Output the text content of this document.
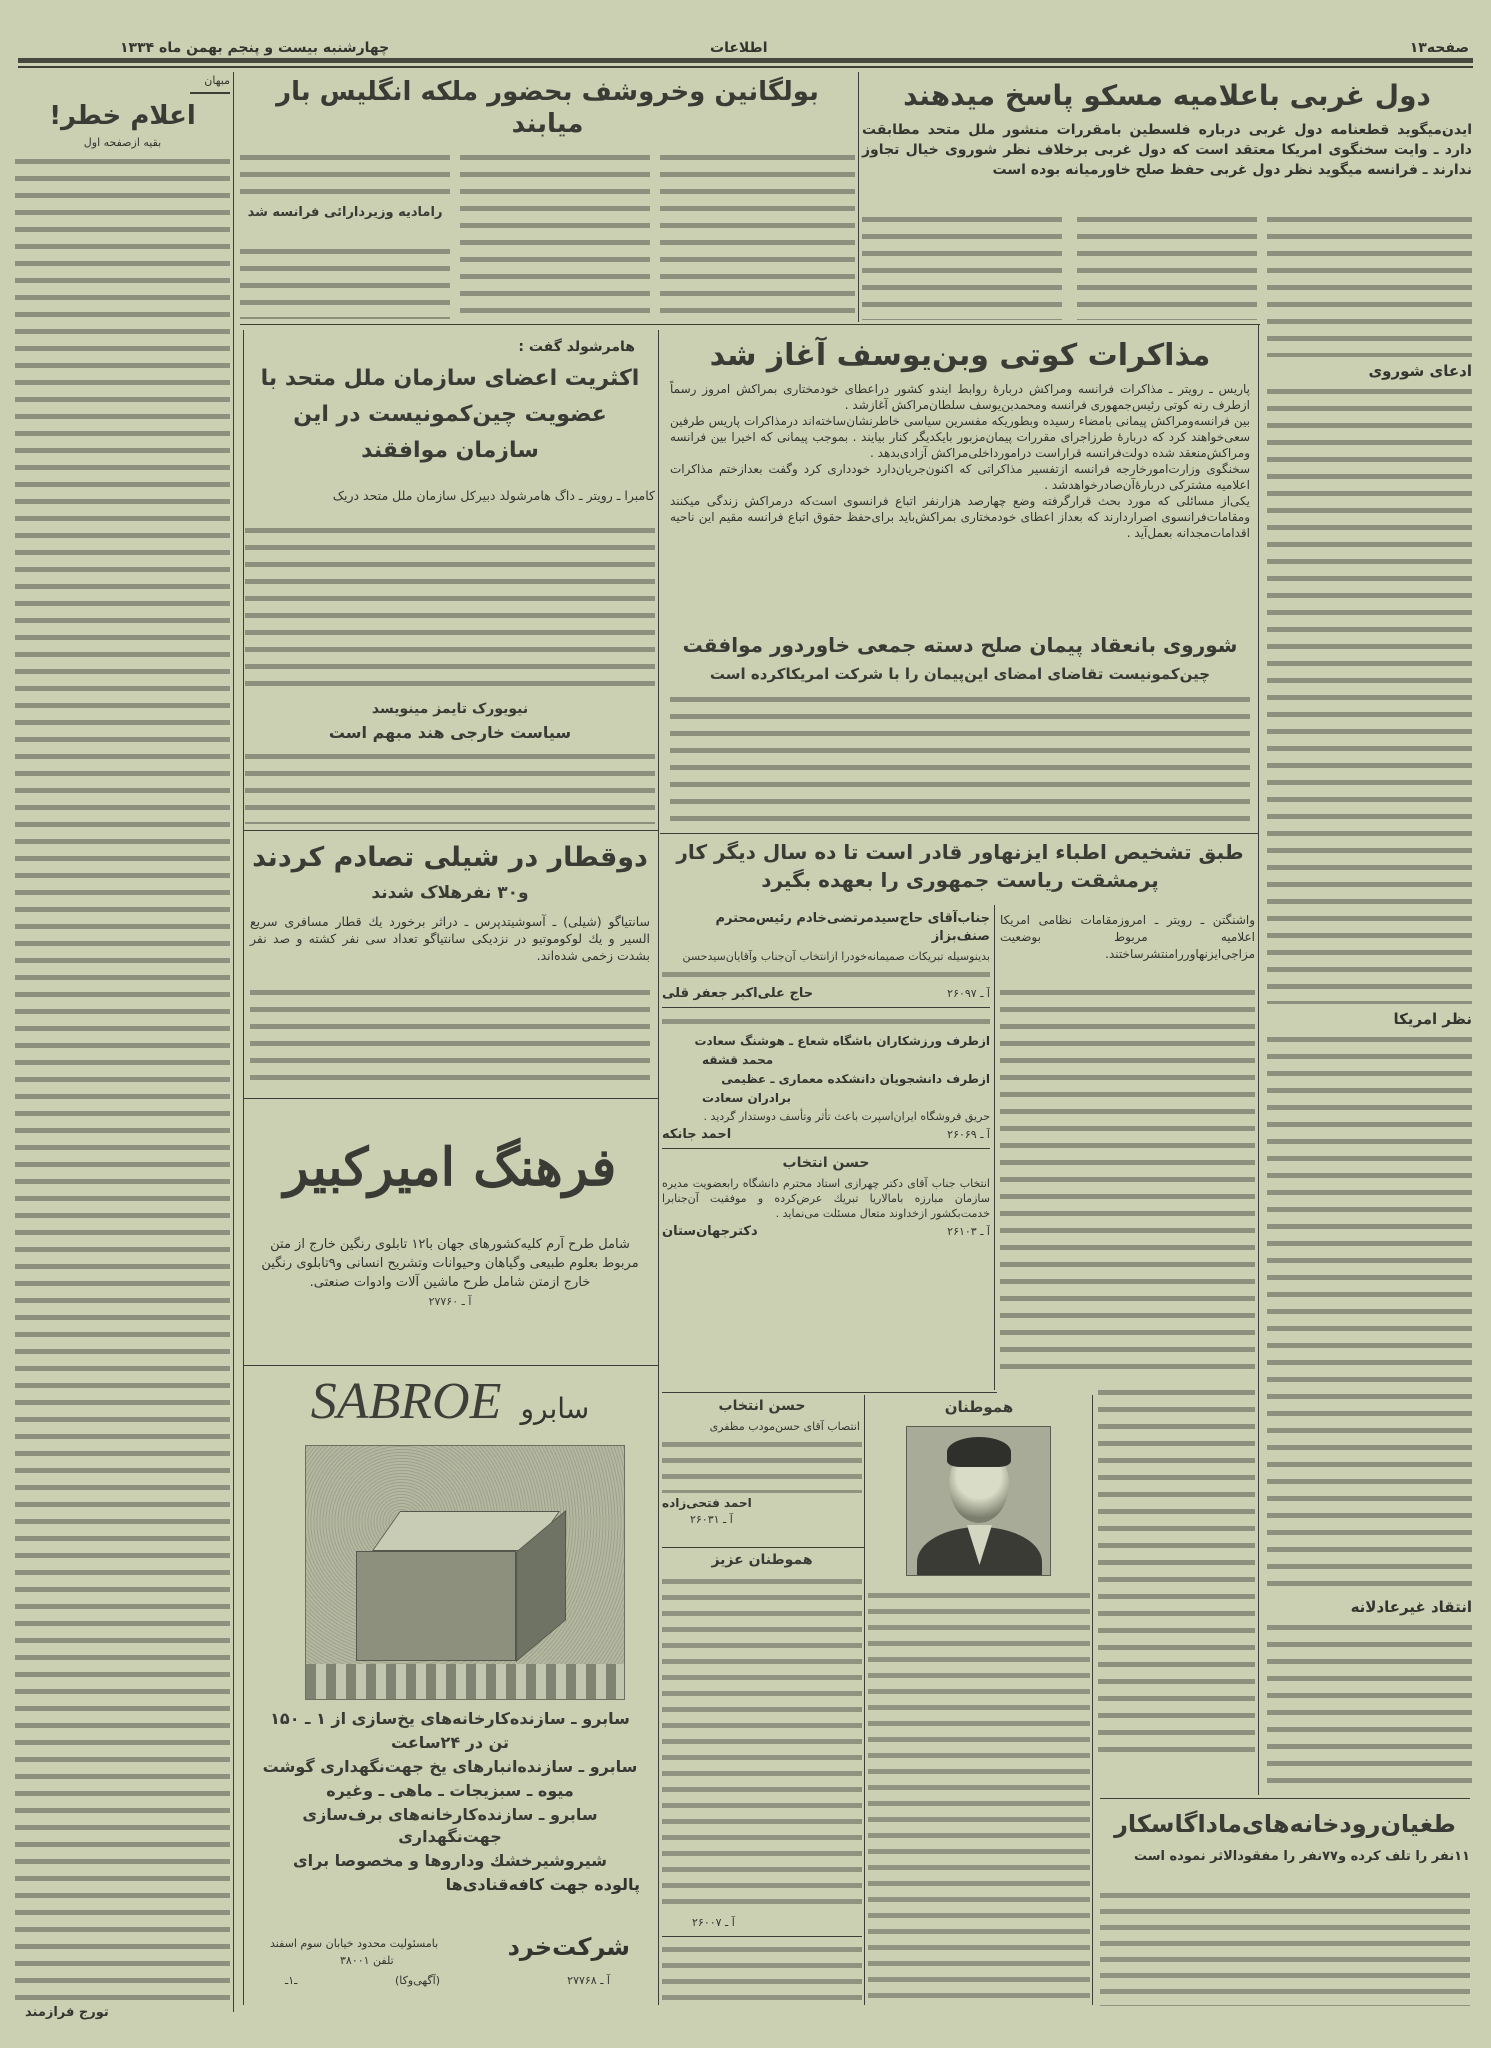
صفحه۱۳
اطلاعات
چهارشنبه بیست و پنجم بهمن ماه ۱۳۳۴
مبهان
اعلام خطر!
بقیه ازصفحه اول
تورج فرازمند
بولگانین وخروشف بحضور ملکه انگلیس بار میابند
رامادیه وزیردارائی فرانسه شد
دول غربی باعلامیه مسکو پاسخ میدهند
ایدن‌میگوید قطعنامه دول غربی درباره فلسطین بامقررات منشور ملل متحد مطابقت دارد ـ وایت سخنگوی امریکا معتقد است که دول غربی برخلاف نظر شوروی خیال تجاوز ندارند ـ فرانسه میگوید نظر دول غربی حفظ صلح خاورمیانه بوده است
ادعای شوروی
نظر امریکا
انتقاد غیرعادلانه
هامرشولد گفت :
اکثریت اعضای سازمان ملل متحد با عضویت چین‌کمونیست در این سازمان موافقند
کامبرا ـ رویتر ـ داگ هامرشولد دبیرکل سازمان ملل متحد دریک
نیویورک تایمز مینویسد
سیاست خارجی هند مبهم است
دوقطار در شیلی تصادم کردند
و۳۰ نفرهلاک شدند
سانتیاگو (شیلی) ـ آسوشیتدپرس ـ دراثر برخورد یك قطار مسافری سریع السیر و یك لوکوموتیو در نزدیکی سانتیاگو تعداد سی نفر کشته و صد نفر بشدت زخمی شده‌اند.
فرهنگ امیرکبیر
شامل طرح آرم کلیه‌کشورهای جهان با۱۲ تابلوی رنگین خارج از متن مربوط بعلوم طبیعی وگیاهان وحیوانات وتشریح انسانی و۹تابلوی رنگین خارج ازمتن شامل طرح ماشین آلات وادوات صنعتی.
آ ـ ۲۷۷۶۰
SABROE سابرو
سابرو ـ سازنده‌کارخانه‌های یخ‌سازی از ۱ ـ ۱۵۰
تن در ۲۴ساعت
سابرو ـ سازنده‌انبارهای یخ جهت‌نگهداری گوشت
میوه ـ سبزیجات ـ ماهی ـ وغیره
سابرو ـ سازنده‌کارخانه‌های برف‌سازی جهت‌نگهداری
شیروشیرخشك وداروها و مخصوصا برای
پالوده جهت کافه‌قنادی‌ها
شرکت‌خرد
بامسئولیت محدود خیابان سوم اسفند
تلفن ۳۸۰۰۱
آ ـ ۲۷۷۶۸
(آگهی‌وکا)
ـ۱ـ
مذاکرات کوتی وبن‌یوسف آغاز شد

پاریس ـ رویتر ـ مذاکرات فرانسه ومراکش دربارهٔ روابط ایندو کشور دراعطای خودمختاری بمراکش امروز رسماً ازطرف رنه کوتی رئیس‌جمهوری فرانسه ومحمدبن‌یوسف سلطان‌مراکش آغازشد .

بین فرانسه‌ومراکش پیمانی بامضاء رسیده وبطوریکه مفسرین سیاسی خاطرنشان‌ساخته‌اند درمذاکرات پاریس طرفین سعی‌خواهند کرد که دربارهٔ طرزاجرای مقررات پیمان‌مزبور بایکدیگر کنار بیایند . بموجب پیمانی که اخیرا بین فرانسه ومراکش‌منعقد شده دولت‌فرانسه قراراست درامورداخلی‌مراکش آزادی‌بدهد .

سخنگوی وزارت‌امورخارجه فرانسه ازتفسیر مذاکراتی که اکنون‌جریان‌دارد خودداری کرد وگفت بعدازختم مذاکرات اعلامیه مشترکی دربارهٔ‌آن‌صادرخواهدشد .

یکی‌از مسائلی که مورد بحث قرارگرفته وضع چهارصد هزارنفر اتباع فرانسوی است‌که درمراکش زندگی میکنند ومقامات‌فرانسوی اصراردارند که بعداز اعطای خودمختاری بمراکش‌باید برای‌حفظ حقوق اتباع فرانسه مقیم این ناحیه اقدامات‌مجدانه بعمل‌آید .

شوروی بانعقاد پیمان صلح دسته جمعی خاوردور موافقت
چین‌کمونیست تقاضای امضای این‌پیمان را با شرکت امریکاکرده است
طبق تشخیص اطباء ایزنهاور قادر است تا ده سال دیگر کار پرمشقت ریاست جمهوری را بعهده بگیرد
واشنگتن ـ رویتر ـ امروزمقامات نظامی امریکا اعلامیه مربوط بوضعیت مزاجی‌ایزنهاوررامنتشرساختند.
جناب‌آقای حاج‌سیدمرتضی‌خادم رئیس‌محترم صنف‌بزاز
بدینوسیله تبریکات صمیمانه‌خودرا ازانتخاب آن‌جناب وآقایان‌سیدحسن
آ ـ ۲۶۰۹۷
حاج علی‌اکبر جعفر قلی
ازطرف ورزشکاران باشگاه شعاع ـ هوشنگ سعادت
محمد قشقه
ازطرف دانشجویان دانشکده معماری ـ عظیمی
برادران سعادت
حریق فروشگاه ایران‌اسپرت باعث تأثر وتأسف دوستدار گردید .
آ ـ ۲۶۰۶۹
احمد جانکه
حسن انتخاب
انتخاب جناب آقای دکتر چهرازی استاد محترم دانشگاه رابعضویت مدیره سازمان مبارزه بامالاریا تبریك عرض‌کرده و موفقیت آن‌جنابرا خدمت‌بکشور ازخداوند متعال مسئلت می‌نماید .
آ ـ ۲۶۱۰۳
دکترجهان‌ستان
حسن انتخاب
انتصاب آقای حسن‌مودب مظفری
احمد فتحی‌زاده
آ ـ ۲۶۰۳۱
هموطنان عزیز
آ ـ ۲۶۰۰۷
هموطنان
طغیان‌رودخانه‌های‌ماداگاسکار
۱۱نفر را تلف کرده و۷۷نفر را مفقودالاثر نموده است
